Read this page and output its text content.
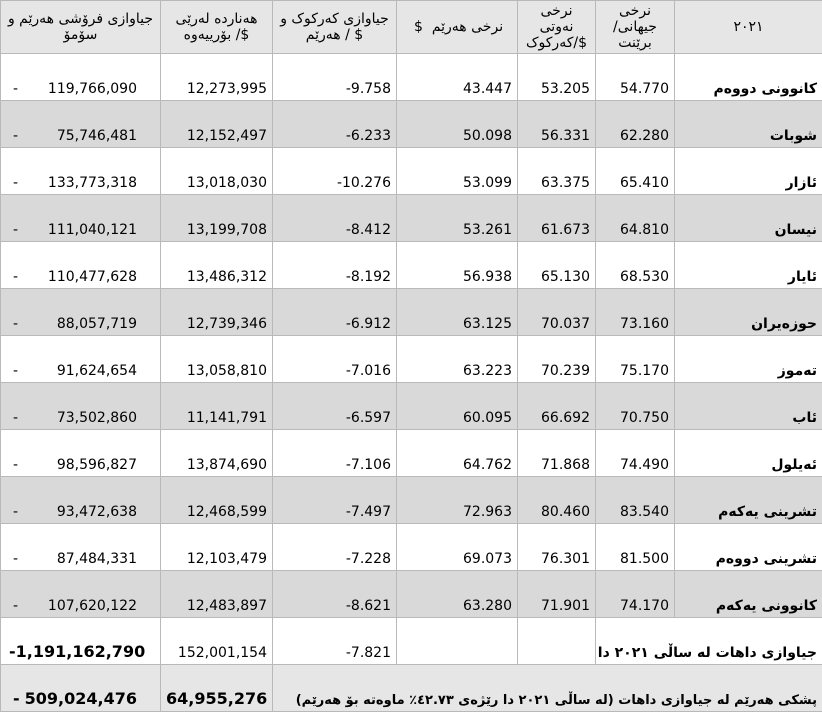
جیاوازی فرۆشی هەرێم و سۆمۆ	هەناردە لەرێی بۆرییەوە /$	جیاوازی کەرکوک و هەرێم / $	$ نرخی هەرێم	نرخی نەوتی کەرکوک/$	نرخی جیهانی/برێنت	٢٠٢١

- 119,766,090	12,273,995	-9.758	43.447	53.205	54.770	کانوونی دووەم

- 75,746,481	12,152,497	-6.233	50.098	56.331	62.280	شوبات

- 133,773,318	13,018,030	-10.276	53.099	63.375	65.410	ئازار

- 111,040,121	13,199,708	-8.412	53.261	61.673	64.810	نیسان

- 110,477,628	13,486,312	-8.192	56.938	65.130	68.530	ئایار

- 88,057,719	12,739,346	-6.912	63.125	70.037	73.160	حوزەیران

- 91,624,654	13,058,810	-7.016	63.223	70.239	75.170	تەموز

- 73,502,860	11,141,791	-6.597	60.095	66.692	70.750	ئاب

- 98,596,827	13,874,690	-7.106	64.762	71.868	74.490	ئەیلول

- 93,472,638	12,468,599	-7.497	72.963	80.460	83.540	تشرینی یەکەم

- 87,484,331	12,103,479	-7.228	69.073	76.301	81.500	تشرینی دووەم

- 107,620,122	12,483,897	-8.621	63.280	71.901	74.170	کانوونی یەکەم
-1,191,162,790	152,001,154	-7.821			جیاوازی داهات لە ساڵی ٢٠٢١ دا	

- 509,024,476	64,955,276	پشکی هەرێم لە جیاوازی داهات (لە ساڵی ٢٠٢١ دا رێژەی ٤٢.٧٣٪ ماوەتە بۆ هەرێم)				
